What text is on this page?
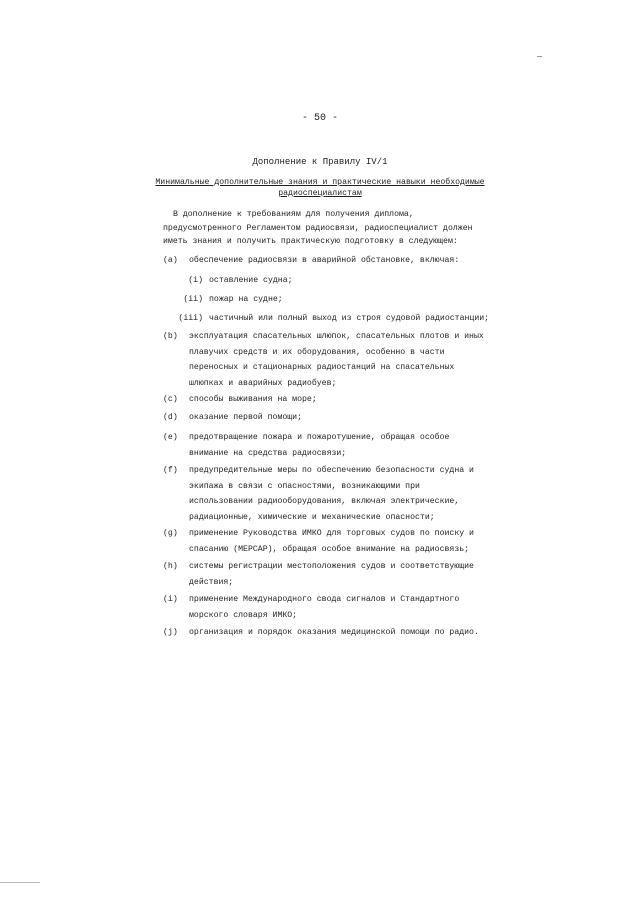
- 50 -
Дополнение к Правилу IV/1
Минимальные дополнительные знания и практические навыки необходимые радиоспециалистам
В дополнение к требованиям для получения диплома, предусмотренного Регламентом радиосвязи, радиоспециалист должен иметь знания и получить практическую подготовку в следующем:
(a)	обеспечение радиосвязи в аварийной обстановке, включая:
(i) оставление судна;
(ii) пожар на судне;
(iii) частичный или полный выход из строя судовой радиостанции;
(b)	эксплуатация спасательных шлюпок, спасательных плотов и иных плавучих средств и их оборудования, особенно в части переносных и стационарных радиостанций на спасательных шлюпках и аварийных радиобуев;
(c)	способы выживания на море;
(d)	оказание первой помощи;
(e)	предотвращение пожара и пожаротушение, обращая особое внимание на средства радиосвязи;
(f)	предупредительные меры по обеспечению безопасности судна и экипажа в связи с опасностями, возникающими при использовании радиооборудования, включая электрические, радиационные, химические и механические опасности;
(g)	применение Руководства ИМКО для торговых судов по поиску и спасанию (МЕРСАР), обращая особое внимание на радиосвязь;
(h)	системы регистрации местоположения судов и соответствующие действия;
(i)	применение Международного свода сигналов и Стандартного морского словаря ИМКО;
(j)	организация и порядок оказания медицинской помощи по радио.
